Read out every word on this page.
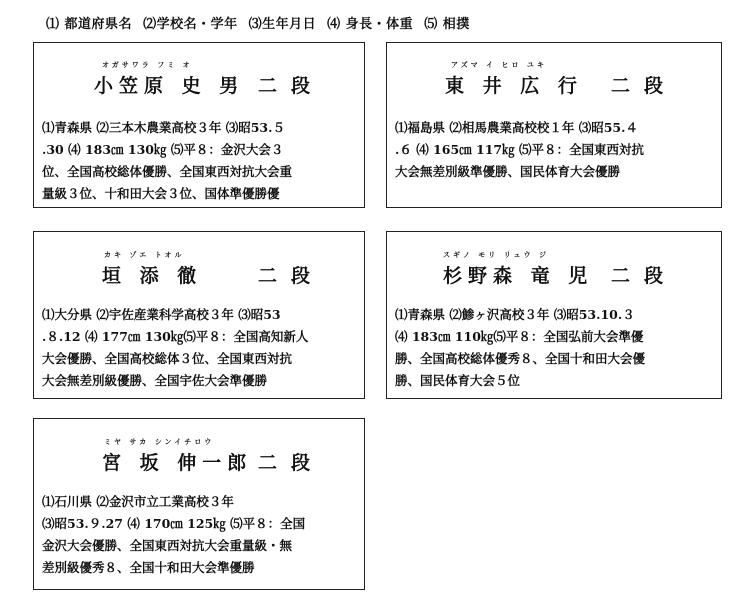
⑴ 都道府県名 ⑵学校名・学年 ⑶生年月日 ⑷ 身長・体重 ⑸ 相撲
オガサワラ フミ オ
小笠原 史 男 二段
⑴青森県 ⑵三本木農業高校３年 ⑶昭53.５
.30 ⑷ 183㎝ 130㎏ ⑸平８：金沢大会３
位、全国高校総体優勝、全国東西対抗大会重
量級３位、十和田大会３位、国体準優勝優
アズマ イ ヒロ ユキ
東 井 広 行 二段
⑴福島県 ⑵相馬農業高校校１年 ⑶昭55.４
.６ ⑷ 165㎝ 117㎏ ⑸平８：全国東西対抗
大会無差別級準優勝、国民体育大会優勝
カキ ゾエ トオル
垣 添 徹	二段
⑴大分県 ⑵宇佐産業科学高校３年 ⑶昭53
.８.12 ⑷ 177㎝ 130㎏⑸平８：全国高知新人
大会優勝、全国高校総体３位、全国東西対抗
大会無差別級優勝、全国宇佐大会準優勝
スギノ モリ リュウ ジ
杉野森 竜 児 二段
⑴青森県 ⑵鯵ヶ沢高校３年 ⑶昭53.10.３
⑷ 183㎝ 110㎏⑸平８：全国弘前大会準優
勝、全国高校総体優秀８、全国十和田大会優
勝、国民体育大会５位
ミヤ サカ シンイチロウ
宮 坂 伸一郎 二段
⑴石川県 ⑵金沢市立工業高校３年
⑶昭53.９.27 ⑷ 170㎝ 125㎏ ⑸平８：全国
金沢大会優勝、全国東西対抗大会重量級・無
差別級優秀８、全国十和田大会準優勝
